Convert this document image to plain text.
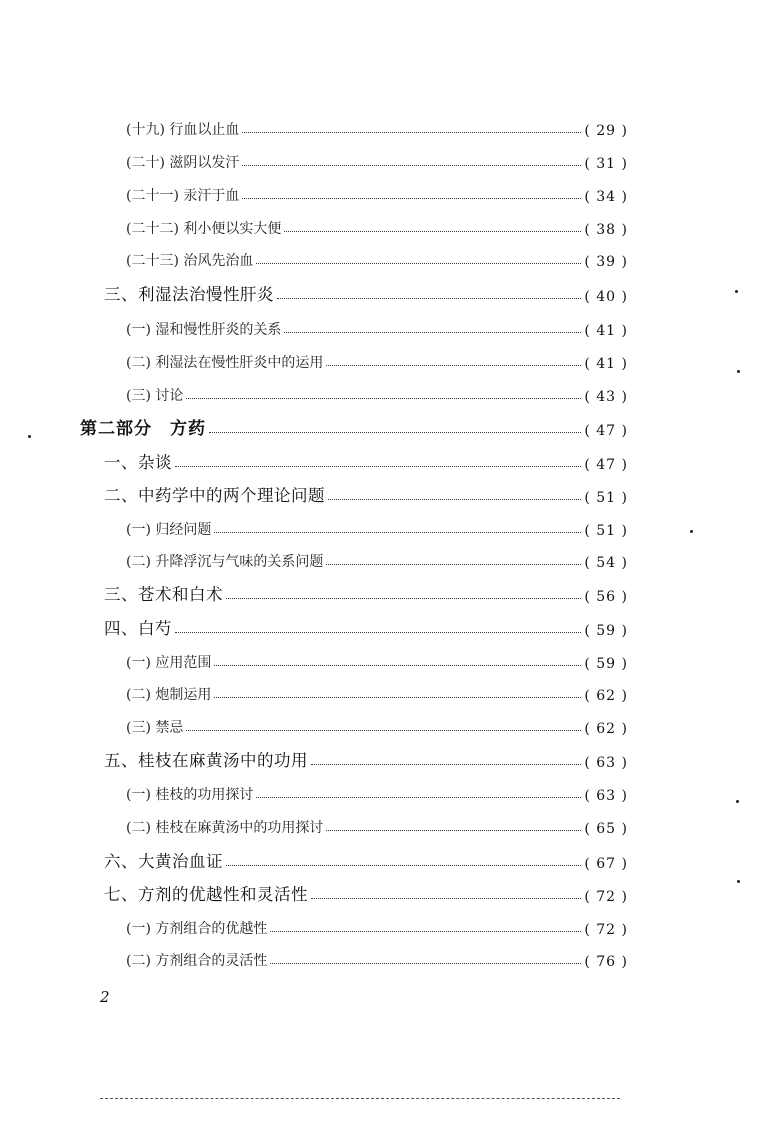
(十九) 行血以止血	( 29 )
(二十) 滋阴以发汗	( 31 )
(二十一) 汞汗于血	( 34 )
(二十二) 利小便以实大便	( 38 )
(二十三) 治风先治血	( 39 )
三、利湿法治慢性肝炎	( 40 )
(一) 湿和慢性肝炎的关系	( 41 )
(二) 利湿法在慢性肝炎中的运用	( 41 )
(三) 讨论	( 43 )
第二部分　方药	( 47 )
一、杂谈	( 47 )
二、中药学中的两个理论问题	( 51 )
(一) 归经问题	( 51 )
(二) 升降浮沉与气味的关系问题	( 54 )
三、苍术和白术	( 56 )
四、白芍	( 59 )
(一) 应用范围	( 59 )
(二) 炮制运用	( 62 )
(三) 禁忌	( 62 )
五、桂枝在麻黄汤中的功用	( 63 )
(一) 桂枝的功用探讨	( 63 )
(二) 桂枝在麻黄汤中的功用探讨	( 65 )
六、大黄治血证	( 67 )
七、方剂的优越性和灵活性	( 72 )
(一) 方剂组合的优越性	( 72 )
(二) 方剂组合的灵活性	( 76 )
2
